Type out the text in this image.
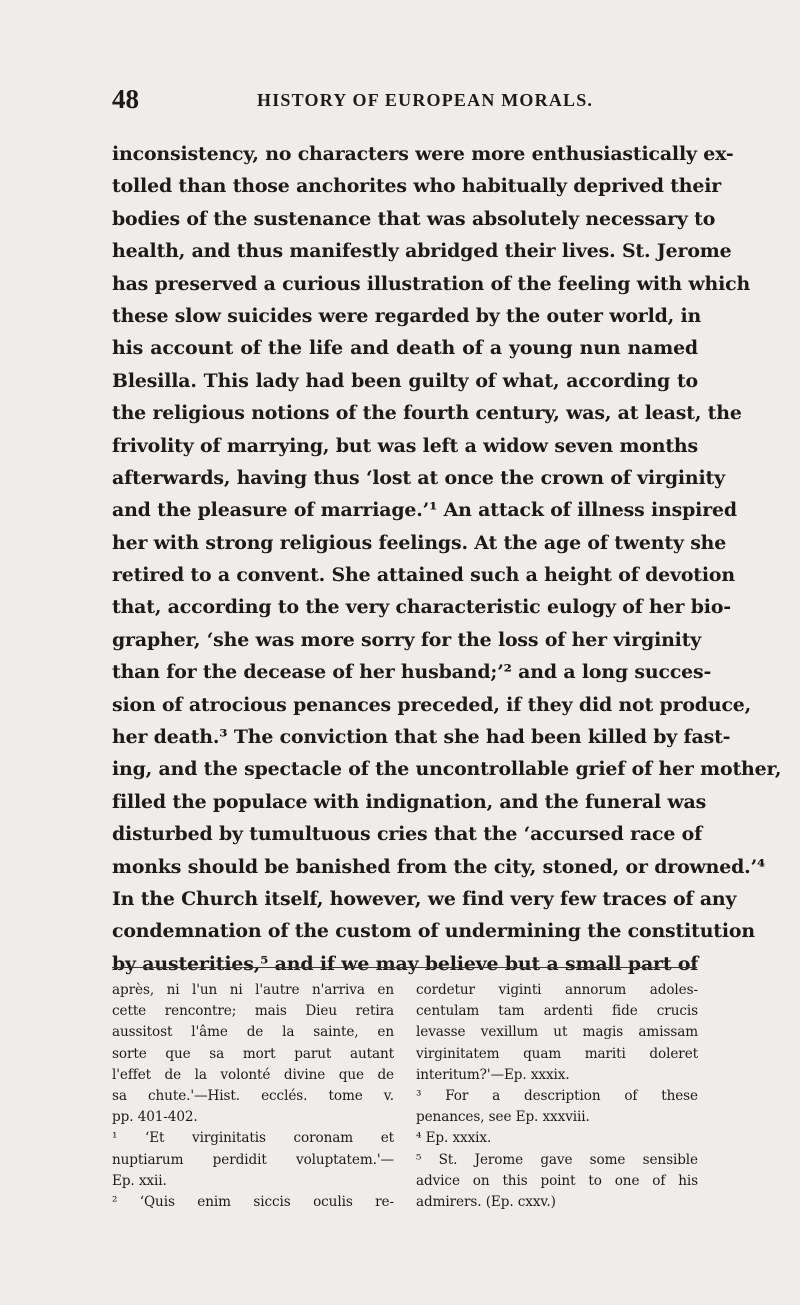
48	HISTORY OF EUROPEAN MORALS.
inconsistency, no characters were more enthusiastically ex-
tolled than those anchorites who habitually deprived their
bodies of the sustenance that was absolutely necessary to
health, and thus manifestly abridged their lives. St. Jerome
has preserved a curious illustration of the feeling with which
these slow suicides were regarded by the outer world, in
his account of the life and death of a young nun named
Blesilla. This lady had been guilty of what, according to
the religious notions of the fourth century, was, at least, the
frivolity of marrying, but was left a widow seven months
afterwards, having thus ‘lost at once the crown of virginity
and the pleasure of marriage.’¹ An attack of illness inspired
her with strong religious feelings. At the age of twenty she
retired to a convent. She attained such a height of devotion
that, according to the very characteristic eulogy of her bio-
grapher, ‘she was more sorry for the loss of her virginity
than for the decease of her husband;’² and a long succes-
sion of atrocious penances preceded, if they did not produce,
her death.³ The conviction that she had been killed by fast-
ing, and the spectacle of the uncontrollable grief of her mother,
filled the populace with indignation, and the funeral was
disturbed by tumultuous cries that the ‘accursed race of
monks should be banished from the city, stoned, or drowned.’⁴
In the Church itself, however, we find very few traces of any
condemnation of the custom of undermining the constitution
by austerities,⁵ and if we may believe but a small part of
après, ni l'un ni l'autre n'arriva en
cette rencontre; mais Dieu retira
aussitost l'âme de la sainte, en
sorte que sa mort parut autant
l'effet de la volonté divine que de
sa chute.'—Hist. ecclés. tome v.
pp. 401-402.
¹ ‘Et virginitatis coronam et
nuptiarum perdidit voluptatem.'—
Ep. xxii.
² ‘Quis enim siccis oculis re-
cordetur viginti annorum adoles-
centulam tam ardenti fide crucis
levasse vexillum ut magis amissam
virginitatem quam mariti doleret
interitum?'—Ep. xxxix.
³ For a description of these
penances, see Ep. xxxviii.
⁴ Ep. xxxix.
⁵ St. Jerome gave some sensible
advice on this point to one of his
admirers. (Ep. cxxv.)
